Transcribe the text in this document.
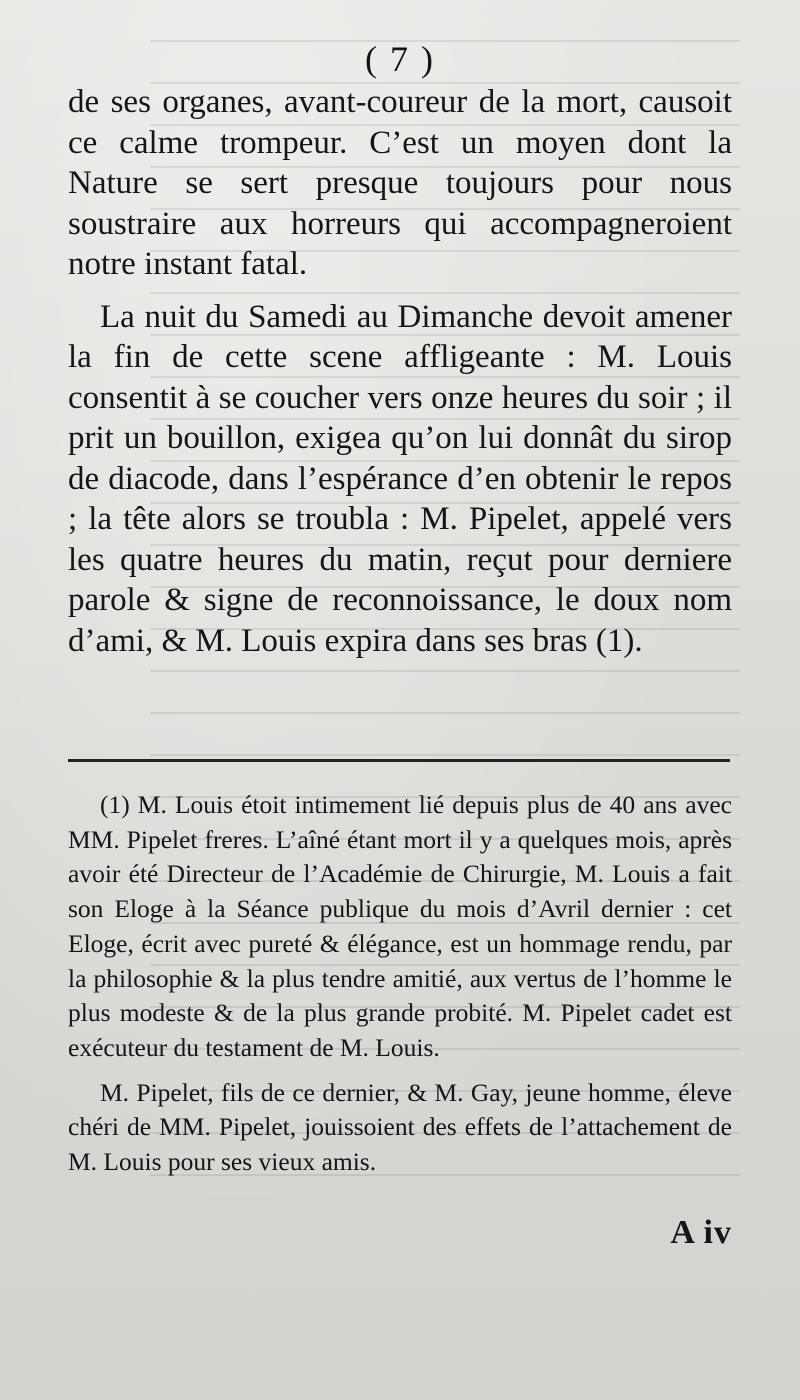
( 7 )

de ses organes, avant-coureur de la mort, causoit ce calme trompeur. C’est un moyen dont la Nature se sert presque toujours pour nous soustraire aux horreurs qui accompagneroient notre instant fatal.

La nuit du Samedi au Dimanche devoit amener la fin de cette scene affligeante : M. Louis consentit à se coucher vers onze heures du soir ; il prit un bouillon, exigea qu’on lui donnât du sirop de diacode, dans l’espérance d’en obtenir le repos ; la tête alors se troubla : M. Pipelet, appelé vers les quatre heures du matin, reçut pour derniere parole & signe de reconnoissance, le doux nom d’ami, & M. Louis expira dans ses bras (1).

(1) M. Louis étoit intimement lié depuis plus de 40 ans avec MM. Pipelet freres. L’aîné étant mort il y a quelques mois, après avoir été Directeur de l’Académie de Chirurgie, M. Louis a fait son Eloge à la Séance publique du mois d’Avril dernier : cet Eloge, écrit avec pureté & élégance, est un hommage rendu, par la philosophie & la plus tendre amitié, aux vertus de l’homme le plus modeste & de la plus grande probité. M. Pipelet cadet est exécuteur du testament de M. Louis.

M. Pipelet, fils de ce dernier, & M. Gay, jeune homme, éleve chéri de MM. Pipelet, jouissoient des effets de l’attachement de M. Louis pour ses vieux amis.

A iv
